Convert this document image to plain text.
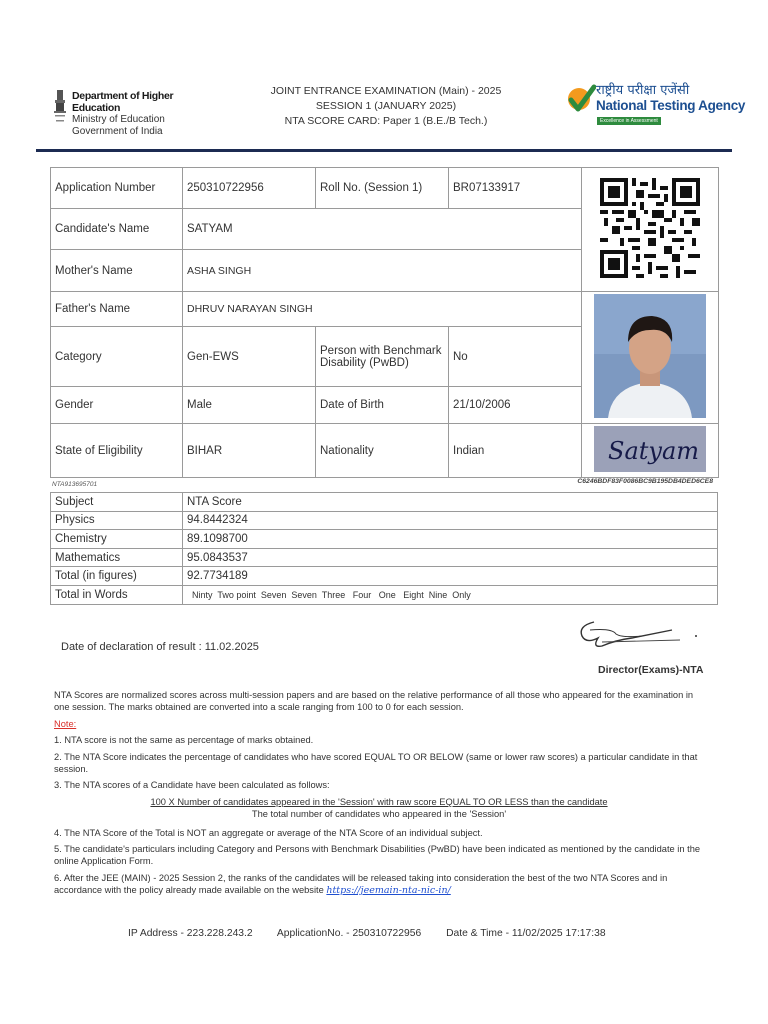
Department of Higher Education
Ministry of Education
Government of India
JOINT ENTRANCE EXAMINATION (Main) - 2025
SESSION 1 (JANUARY 2025)
NTA SCORE CARD: Paper 1 (B.E./B Tech.)
राष्ट्रीय परीक्षा एजेंसी
National Testing Agency
Excellence in Assessment
Application Number	250310722956	Roll No. (Session 1)	BR07133917	
Candidate's Name	SATYAM			
Mother's Name	ASHA SINGH			
Father's Name	DHRUV NARAYAN SINGH	
Category	Gen-EWS	Person with Benchmark Disability (PwBD)	No	
Gender	Male	Date of Birth	21/10/2006	
State of Eligibility	BIHAR	Nationality	Indian	Satyam
NTA913695701	C6246BDF83F0086BC9B195DB4DED6CE8
Subject	NTA Score
Physics	94.8442324
Chemistry	89.1098700
Mathematics	95.0843537
Total (in figures)	92.7734189
Total in Words	Ninty  Two point  Seven  Seven  Three   Four   One   Eight  Nine  Only
Date of declaration of result : 11.02.2025
Director(Exams)-NTA

NTA Scores are normalized scores across multi-session papers and are based on the relative performance of all those who appeared for the examination in one session. The marks obtained are converted into a scale ranging from 100 to 0 for each session.

Note:

1. NTA score is not the same as percentage of marks obtained.

2. The NTA Score indicates the percentage of candidates who have scored EQUAL TO OR BELOW (same or lower raw scores) a particular candidate in that session.

3. The NTA scores of a Candidate have been calculated as follows:

100 X Number of candidates appeared in the 'Session' with raw score EQUAL TO OR LESS than the candidate
The total number of candidates who appeared in the 'Session'

4. The NTA Score of the Total is NOT an aggregate or average of the NTA Score of an individual subject.

5. The candidate's particulars including Category and Persons with Benchmark Disabilities (PwBD) have been indicated as mentioned by the candidate in the online Application Form.

6. After the JEE (MAIN) - 2025 Session 2, the ranks of the candidates will be released taking into consideration the best of the two NTA Scores and in accordance with the policy already made available on the website https://jeemain-nta-nic-in/

IP Address - 223.228.243.2 ApplicationNo. - 250310722956 Date & Time - 11/02/2025 17:17:38
